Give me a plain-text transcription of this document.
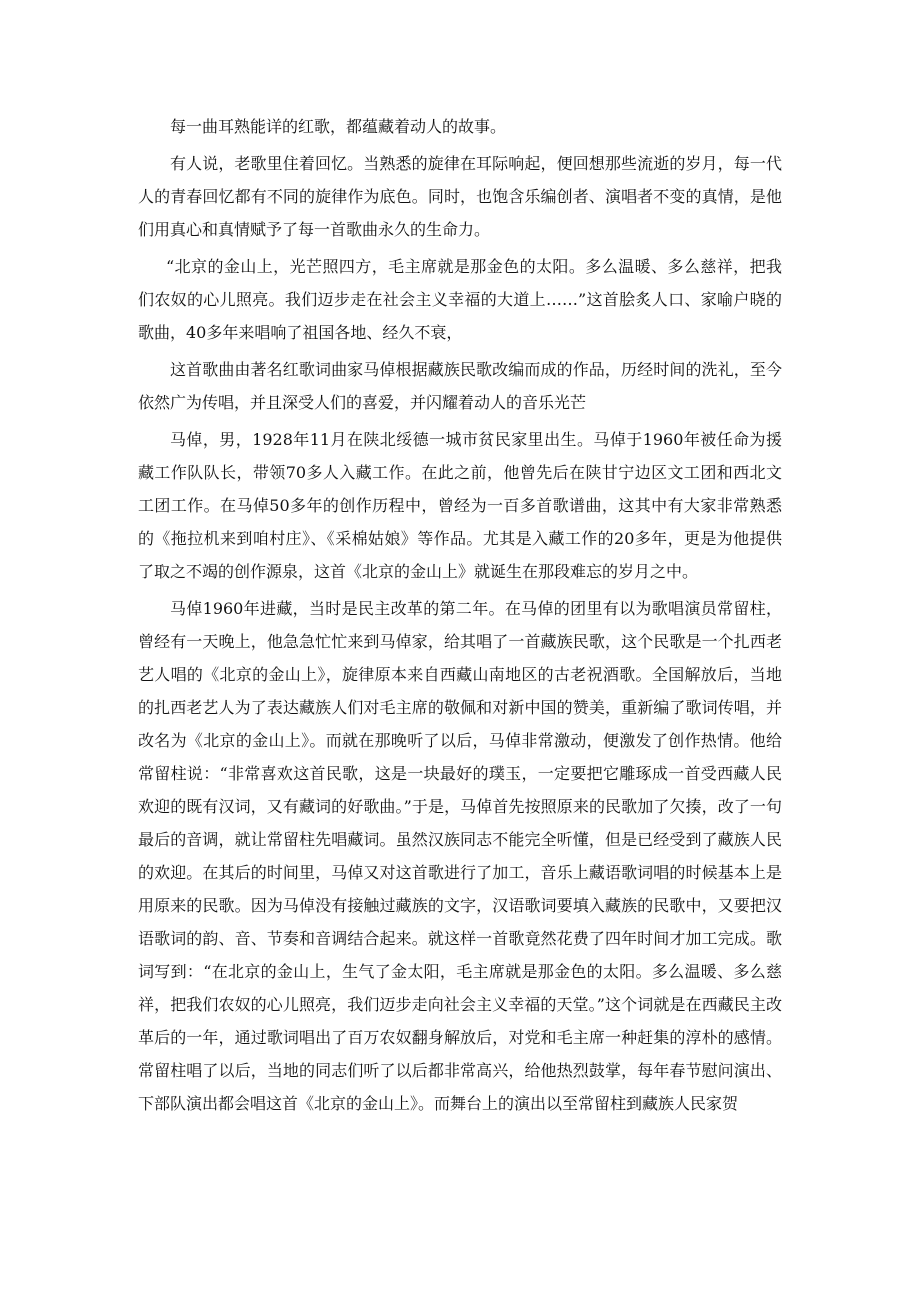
每一曲耳熟能详的红歌，都蕴藏着动人的故事。

有人说，老歌里住着回忆。当熟悉的旋律在耳际响起，便回想那些流逝的岁月，每一代人的青春回忆都有不同的旋律作为底色。同时，也饱含乐编创者、演唱者不变的真情，是他们用真心和真情赋予了每一首歌曲永久的生命力。

“北京的金山上，光芒照四方，毛主席就是那金色的太阳。多么温暖、多么慈祥，把我们农奴的心儿照亮。我们迈步走在社会主义幸福的大道上……”这首脍炙人口、家喻户晓的歌曲，40多年来唱响了祖国各地、经久不衰，

这首歌曲由著名红歌词曲家马倬根据藏族民歌改编而成的作品，历经时间的洗礼，至今依然广为传唱，并且深受人们的喜爱，并闪耀着动人的音乐光芒

马倬，男，1928年11月在陕北绥德一城市贫民家里出生。马倬于1960年被任命为援藏工作队队长，带领70多人入藏工作。在此之前，他曾先后在陕甘宁边区文工团和西北文工团工作。在马倬50多年的创作历程中，曾经为一百多首歌谱曲，这其中有大家非常熟悉的《拖拉机来到咱村庄》、《采棉姑娘》等作品。尤其是入藏工作的20多年，更是为他提供了取之不竭的创作源泉，这首《北京的金山上》就诞生在那段难忘的岁月之中。

马倬1960年进藏，当时是民主改革的第二年。在马倬的团里有以为歌唱演员常留柱，曾经有一天晚上，他急急忙忙来到马倬家，给其唱了一首藏族民歌，这个民歌是一个扎西老艺人唱的《北京的金山上》，旋律原本来自西藏山南地区的古老祝酒歌。全国解放后，当地的扎西老艺人为了表达藏族人们对毛主席的敬佩和对新中国的赞美，重新编了歌词传唱，并改名为《北京的金山上》。而就在那晚听了以后，马倬非常激动，便激发了创作热情。他给常留柱说：“非常喜欢这首民歌，这是一块最好的璞玉，一定要把它雕琢成一首受西藏人民欢迎的既有汉词，又有藏词的好歌曲。”于是，马倬首先按照原来的民歌加了欠揍，改了一句最后的音调，就让常留柱先唱藏词。虽然汉族同志不能完全听懂，但是已经受到了藏族人民的欢迎。在其后的时间里，马倬又对这首歌进行了加工，音乐上藏语歌词唱的时候基本上是用原来的民歌。因为马倬没有接触过藏族的文字，汉语歌词要填入藏族的民歌中，又要把汉语歌词的韵、音、节奏和音调结合起来。就这样一首歌竟然花费了四年时间才加工完成。歌词写到：“在北京的金山上，生气了金太阳，毛主席就是那金色的太阳。多么温暖、多么慈祥，把我们农奴的心儿照亮，我们迈步走向社会主义幸福的天堂。”这个词就是在西藏民主改革后的一年，通过歌词唱出了百万农奴翻身解放后，对党和毛主席一种赶集的淳朴的感情。常留柱唱了以后，当地的同志们听了以后都非常高兴，给他热烈鼓掌，每年春节慰问演出、下部队演出都会唱这首《北京的金山上》。而舞台上的演出以至常留柱到藏族人民家贺
